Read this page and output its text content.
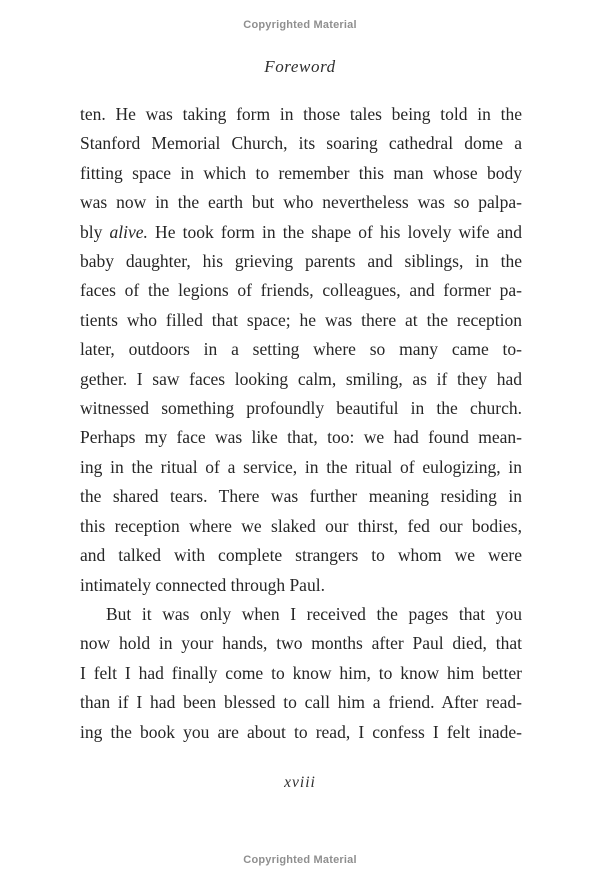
Copyrighted Material
Foreword
ten. He was taking form in those tales being told in the
Stanford Memorial Church, its soaring cathedral dome a
fitting space in which to remember this man whose body
was now in the earth but who nevertheless was so palpa-
bly alive. He took form in the shape of his lovely wife and
baby daughter, his grieving parents and siblings, in the
faces of the legions of friends, colleagues, and former pa-
tients who filled that space; he was there at the reception
later, outdoors in a setting where so many came to-
gether. I saw faces looking calm, smiling, as if they had
witnessed something profoundly beautiful in the church.
Perhaps my face was like that, too: we had found mean-
ing in the ritual of a service, in the ritual of eulogizing, in
the shared tears. There was further meaning residing in
this reception where we slaked our thirst, fed our bodies,
and talked with complete strangers to whom we were
intimately connected through Paul.
But it was only when I received the pages that you
now hold in your hands, two months after Paul died, that
I felt I had finally come to know him, to know him better
than if I had been blessed to call him a friend. After read-
ing the book you are about to read, I confess I felt inade-
xviii
Copyrighted Material
